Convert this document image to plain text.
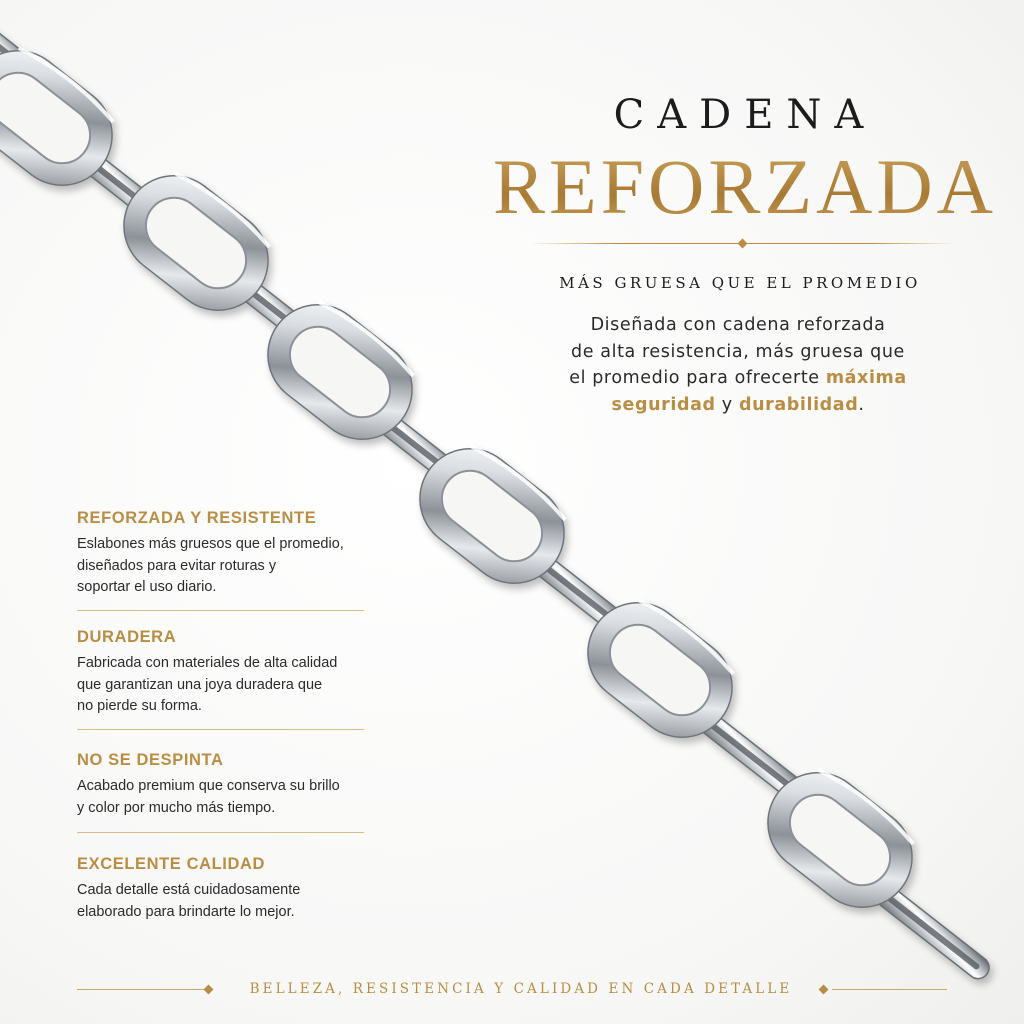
CADENA
REFORZADA
MÁS GRUESA QUE EL PROMEDIO
Diseñada con cadena reforzada
de alta resistencia, más gruesa que
el promedio para ofrecerte máxima
seguridad y durabilidad.
REFORZADA Y RESISTENTE

Eslabones más gruesos que el promedio,
diseñados para evitar roturas y
soportar el uso diario.

DURADERA

Fabricada con materiales de alta calidad
que garantizan una joya duradera que
no pierde su forma.

NO SE DESPINTA

Acabado premium que conserva su brillo
y color por mucho más tiempo.

EXCELENTE CALIDAD

Cada detalle está cuidadosamente
elaborado para brindarte lo mejor.

BELLEZA, RESISTENCIA Y CALIDAD EN CADA DETALLE
